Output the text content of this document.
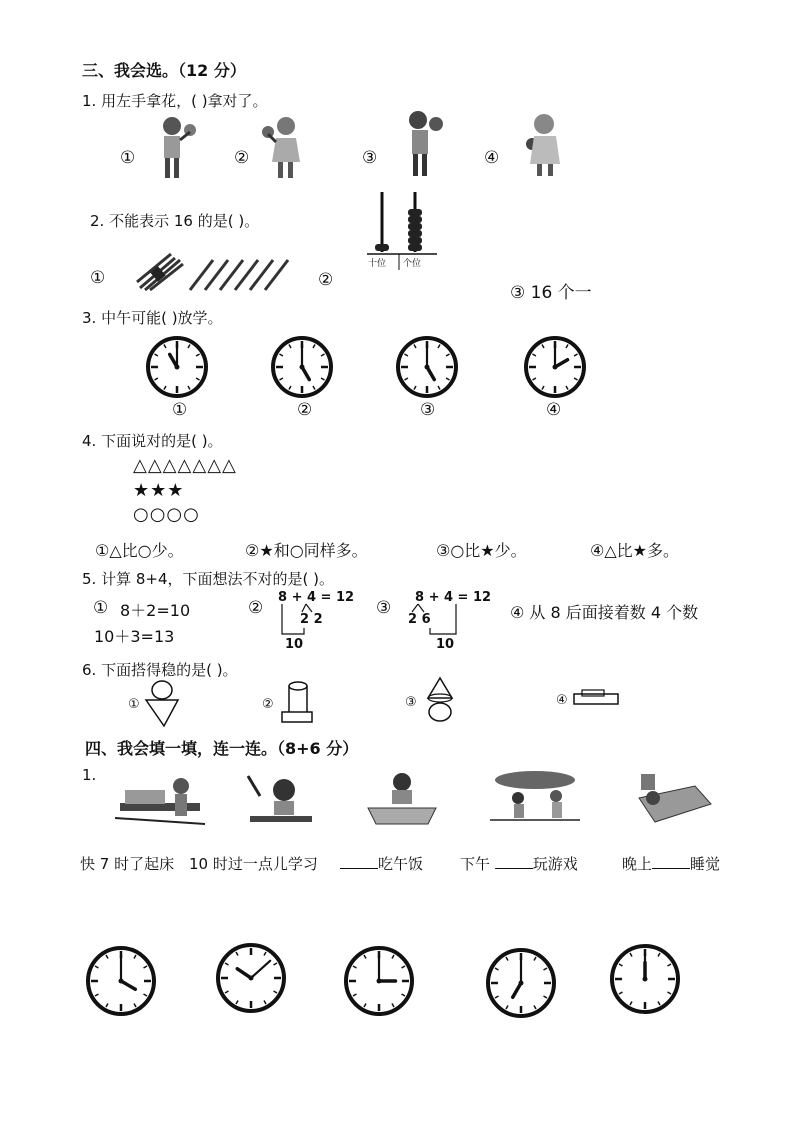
三、我会选。（12 分）
1. 用左手拿花，( )拿对了。
①	②	③	④
2. 不能表示 16 的是( )。
①	②
③ 16 个一
十位 个位
3. 中午可能( )放学。
①	②	③	④
4. 下面说对的是( )。
△△△△△△△
★★★
○○○○
①△比○少。	②★和○同样多。	③○比★少。	④△比★多。
5. 计算 8+4，下面想法不对的是( )。
① 8＋2=10
10＋3=13
②
8 + 4 = 12
2 2
10
③
8 + 4 = 12
2 6
10
④ 从 8 后面接着数 4 个数
6. 下面搭得稳的是( )。
①	②	③	④
四、我会填一填，连一连。（8+6 分）
1.
快 7 时了起床 10 时过一点儿学习	吃午饭 下午	玩游戏	晚上	睡觉
